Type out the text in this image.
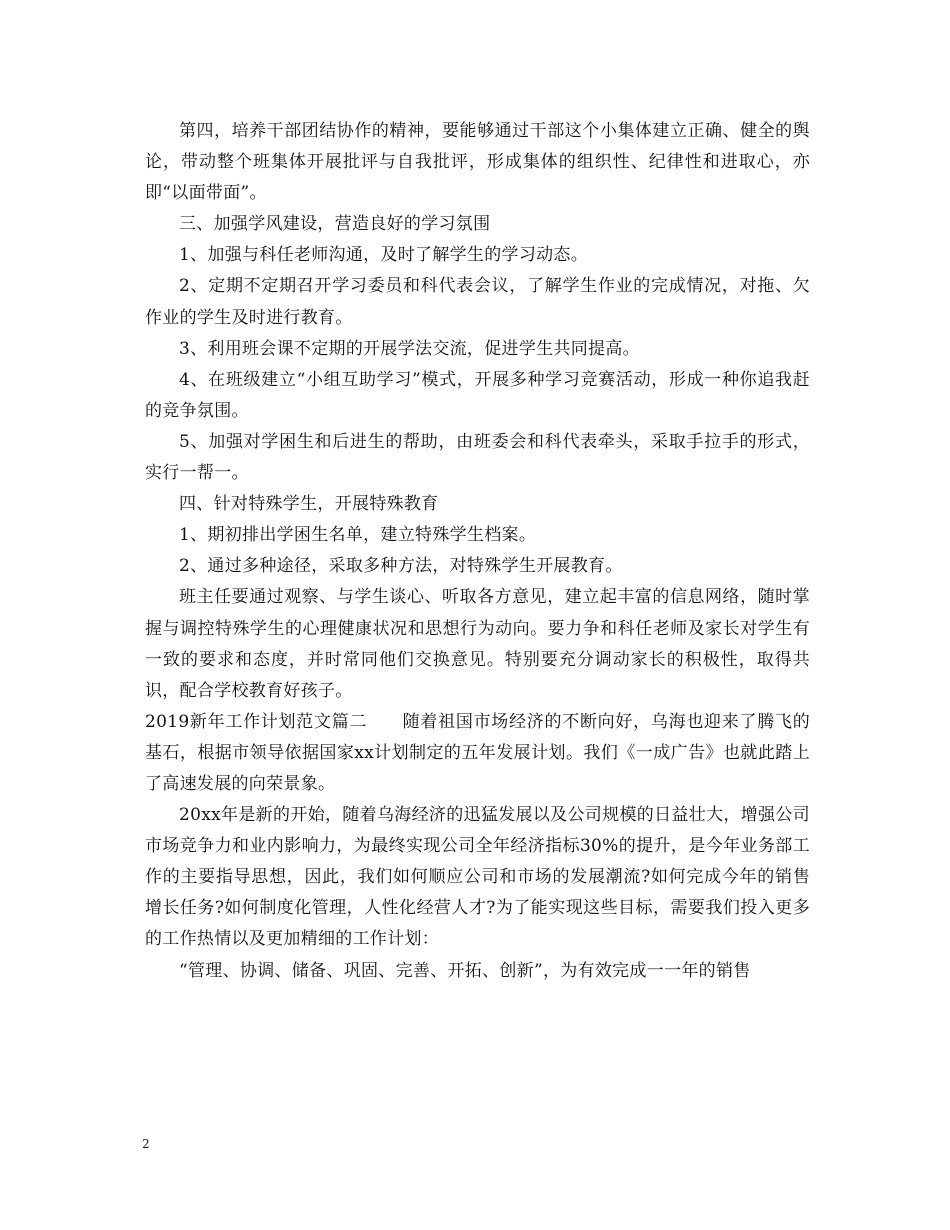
第四，培养干部团结协作的精神，要能够通过干部这个小集体建立正确、健全的舆论，带动整个班集体开展批评与自我批评，形成集体的组织性、纪律性和进取心，亦即“以面带面”。

三、加强学风建设，营造良好的学习氛围

1、加强与科任老师沟通，及时了解学生的学习动态。

2、定期不定期召开学习委员和科代表会议，了解学生作业的完成情况，对拖、欠作业的学生及时进行教育。

3、利用班会课不定期的开展学法交流，促进学生共同提高。

4、在班级建立“小组互助学习”模式，开展多种学习竞赛活动，形成一种你追我赶的竞争氛围。

5、加强对学困生和后进生的帮助，由班委会和科代表牵头，采取手拉手的形式，实行一帮一。

四、针对特殊学生，开展特殊教育

1、期初排出学困生名单，建立特殊学生档案。

2、通过多种途径，采取多种方法，对特殊学生开展教育。

班主任要通过观察、与学生谈心、听取各方意见，建立起丰富的信息网络，随时掌握与调控特殊学生的心理健康状况和思想行为动向。要力争和科任老师及家长对学生有一致的要求和态度，并时常同他们交换意见。特别要充分调动家长的积极性，取得共识，配合学校教育好孩子。

2019新年工作计划范文篇二　　随着祖国市场经济的不断向好，乌海也迎来了腾飞的基石，根据市领导依据国家xx计划制定的五年发展计划。我们《一成广告》也就此踏上了高速发展的向荣景象。

20xx年是新的开始，随着乌海经济的迅猛发展以及公司规模的日益壮大，增强公司市场竞争力和业内影响力，为最终实现公司全年经济指标30%的提升，是今年业务部工作的主要指导思想，因此，我们如何顺应公司和市场的发展潮流?如何完成今年的销售增长任务?如何制度化管理，人性化经营人才?为了能实现这些目标，需要我们投入更多的工作热情以及更加精细的工作计划：

“管理、协调、储备、巩固、完善、开拓、创新”，为有效完成一一年的销售

2
